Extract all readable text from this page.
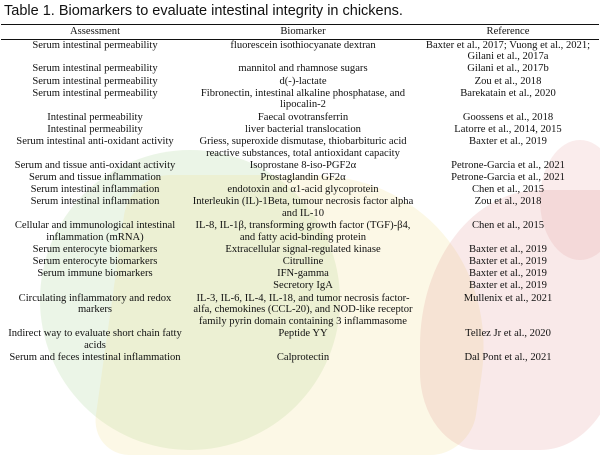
Table 1. Biomarkers to evaluate intestinal integrity in chickens.
Assessment	Biomarker	Reference
Serum intestinal permeability	fluorescein isothiocyanate dextran	Baxter et al., 2017; Vuong et al., 2021; Gilani et al., 2017a
Serum intestinal permeability	mannitol and rhamnose sugars	Gilani et al., 2017b
Serum intestinal permeability	d(-)-lactate	Zou et al., 2018
Serum intestinal permeability	Fibronectin, intestinal alkaline phosphatase, and lipocalin-2	Barekatain et al., 2020
Intestinal permeability	Faecal ovotransferrin	Goossens et al., 2018
Intestinal permeability	liver bacterial translocation	Latorre et al., 2014, 2015
Serum intestinal anti-oxidant activity	Griess, superoxide dismutase, thiobarbituric acid reactive substances, total antioxidant capacity	Baxter et al., 2019
Serum and tissue anti-oxidant activity	Isoprostane 8-iso-PGF2α	Petrone-Garcia et al., 2021
Serum and tissue inflammation	Prostaglandin GF2α	Petrone-Garcia et al., 2021
Serum intestinal inflammation	endotoxin and α1-acid glycoprotein	Chen et al., 2015
Serum intestinal inflammation	Interleukin (IL)-1Beta, tumour necrosis factor alpha and IL-10	Zou et al., 2018
Cellular and immunological intestinal inflammation (mRNA)	IL-8, IL-1β, transforming growth factor (TGF)-β4, and fatty acid-binding protein	Chen et al., 2015
Serum enterocyte biomarkers	Extracellular signal-regulated kinase	Baxter et al., 2019
Serum enterocyte biomarkers	Citrulline	Baxter et al., 2019
Serum immune biomarkers	IFN-gamma	Baxter et al., 2019
	Secretory IgA	Baxter et al., 2019
Circulating inflammatory and redox markers	IL-3, IL-6, IL-4, IL-18, and tumor necrosis factor-alfa, chemokines (CCL-20), and NOD-like receptor family pyrin domain containing 3 inflammasome	Mullenix et al., 2021
Indirect way to evaluate short chain fatty acids	Peptide YY	Tellez Jr et al., 2020
Serum and feces intestinal inflammation	Calprotectin	Dal Pont et al., 2021
